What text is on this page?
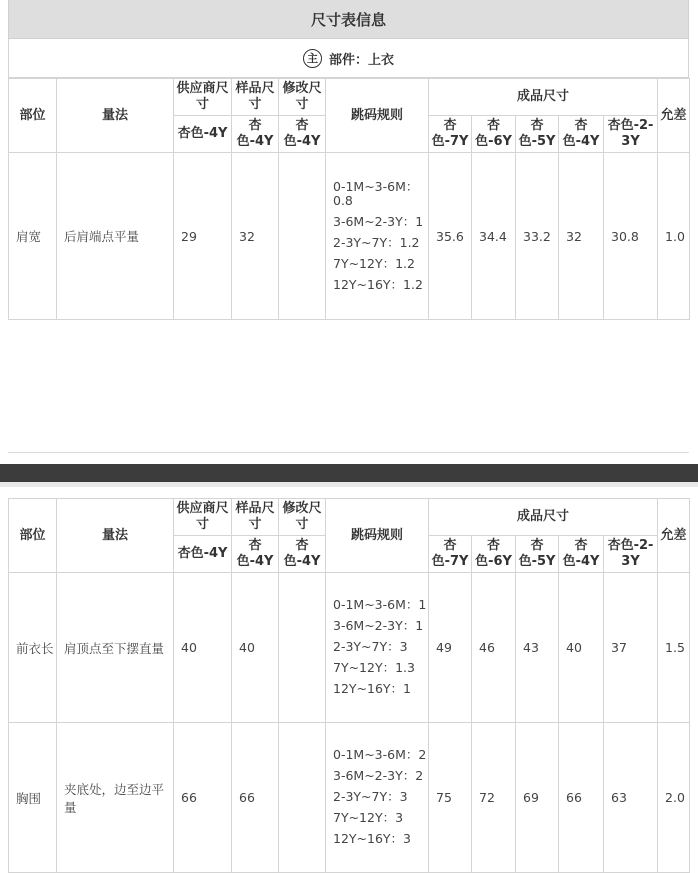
尺寸表信息
主 部件：上衣
部位	量法	供应商尺寸	样品尺寸	修改尺寸	跳码规则	成品尺寸					允差
		杏色-4Y	杏色-4Y	杏色-4Y		杏色-7Y	杏色-6Y	杏色-5Y	杏色-4Y	杏色-2-3Y	
肩宽	后肩端点平量	29	32		0-1M~3-6M：0.8
3-6M~2-3Y：1
2-3Y~7Y：1.2
7Y~12Y：1.2
12Y~16Y：1.2	35.6	34.4	33.2	32	30.8	1.0
部位	量法	供应商尺寸	样品尺寸	修改尺寸	跳码规则	成品尺寸					允差
		杏色-4Y	杏色-4Y	杏色-4Y		杏色-7Y	杏色-6Y	杏色-5Y	杏色-4Y	杏色-2-3Y	
前衣长	肩顶点至下摆直量	40	40		0-1M~3-6M：1
3-6M~2-3Y：1
2-3Y~7Y：3
7Y~12Y：1.3
12Y~16Y：1	49	46	43	40	37	1.5
胸围	夹底处，边至边平量	66	66		0-1M~3-6M：2
3-6M~2-3Y：2
2-3Y~7Y：3
7Y~12Y：3
12Y~16Y：3	75	72	69	66	63	2.0
